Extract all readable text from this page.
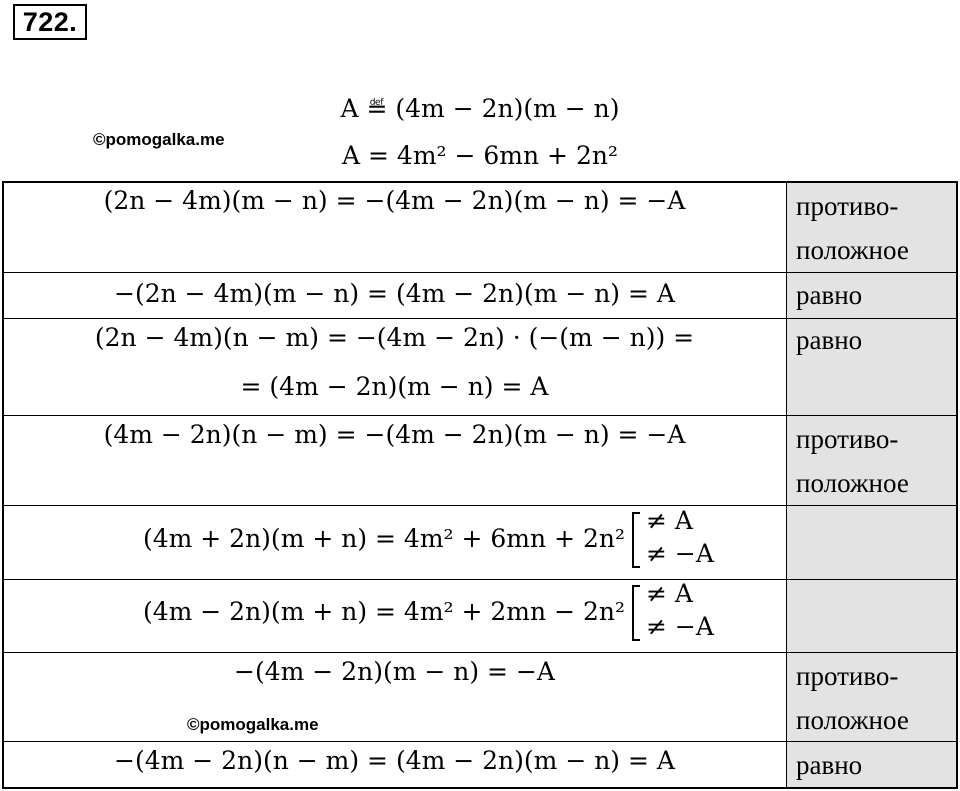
722.
A ≝ (4m − 2n)(m − n)
A = 4m² − 6mn + 2n²
©pomogalka.me
(2n − 4m)(m − n) = −(4m − 2n)(m − n) = −A
−(2n − 4m)(m − n) = (4m − 2n)(m − n) = A
(2n − 4m)(n − m) = −(4m − 2n) · (−(m − n)) =
= (4m − 2n)(m − n) = A
(4m − 2n)(n − m) = −(4m − 2n)(m − n) = −A
(4m + 2n)(m + n) = 4m² + 6mn + 2n²
≠ A
≠ −A
(4m − 2n)(m + n) = 4m² + 2mn − 2n²
≠ A
≠ −A
−(4m − 2n)(m − n) = −A
−(4m − 2n)(n − m) = (4m − 2n)(m − n) = A
©pomogalka.me
противо-
положное
равно
равно
противо-
положное
противо-
положное
равно
